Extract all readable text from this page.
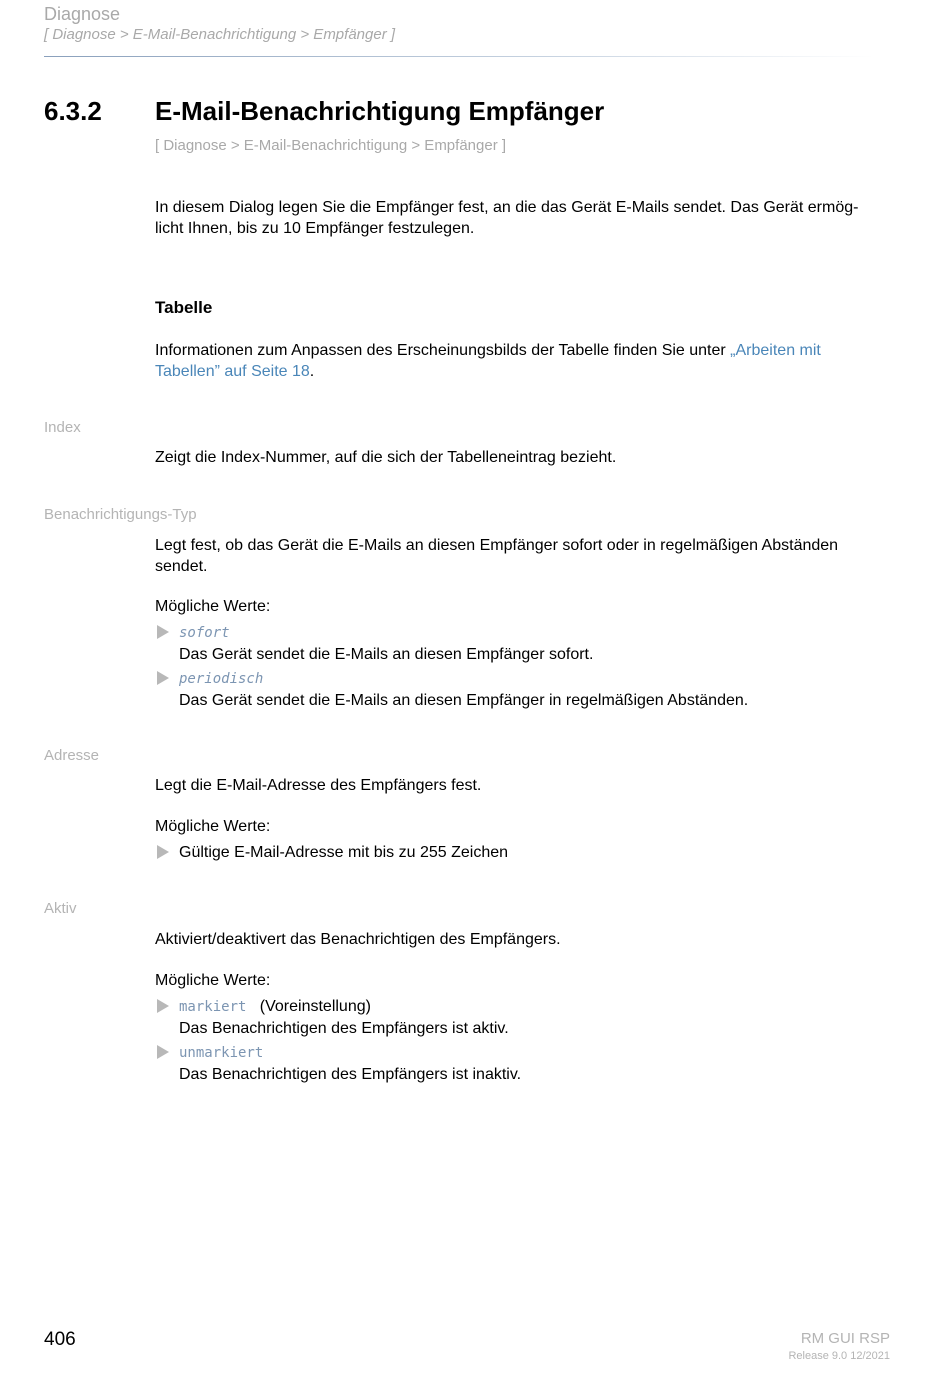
Diagnose
[ Diagnose > E-Mail-Benachrichtigung > Empfänger ]
6.3.2 E-Mail-Benachrichtigung Empfänger
[ Diagnose > E-Mail-Benachrichtigung > Empfänger ]
In diesem Dialog legen Sie die Empfänger fest, an die das Gerät E-Mails sendet. Das Gerät ermög-
licht Ihnen, bis zu 10 Empfänger festzulegen.
Tabelle
Informationen zum Anpassen des Erscheinungsbilds der Tabelle finden Sie unter „Arbeiten mit
Tabellen” auf Seite 18.
Index
Zeigt die Index-Nummer, auf die sich der Tabelleneintrag bezieht.
Benachrichtigungs-Typ
Legt fest, ob das Gerät die E-Mails an diesen Empfänger sofort oder in regelmäßigen Abständen
sendet.
Mögliche Werte:
sofort
Das Gerät sendet die E-Mails an diesen Empfänger sofort.
periodisch
Das Gerät sendet die E-Mails an diesen Empfänger in regelmäßigen Abständen.
Adresse
Legt die E-Mail-Adresse des Empfängers fest.
Mögliche Werte:
Gültige E-Mail-Adresse mit bis zu 255 Zeichen
Aktiv
Aktiviert/deaktivert das Benachrichtigen des Empfängers.
Mögliche Werte:
markiert (Voreinstellung)
Das Benachrichtigen des Empfängers ist aktiv.
unmarkiert
Das Benachrichtigen des Empfängers ist inaktiv.
406	RM GUI RSP
Release 9.0 12/2021
